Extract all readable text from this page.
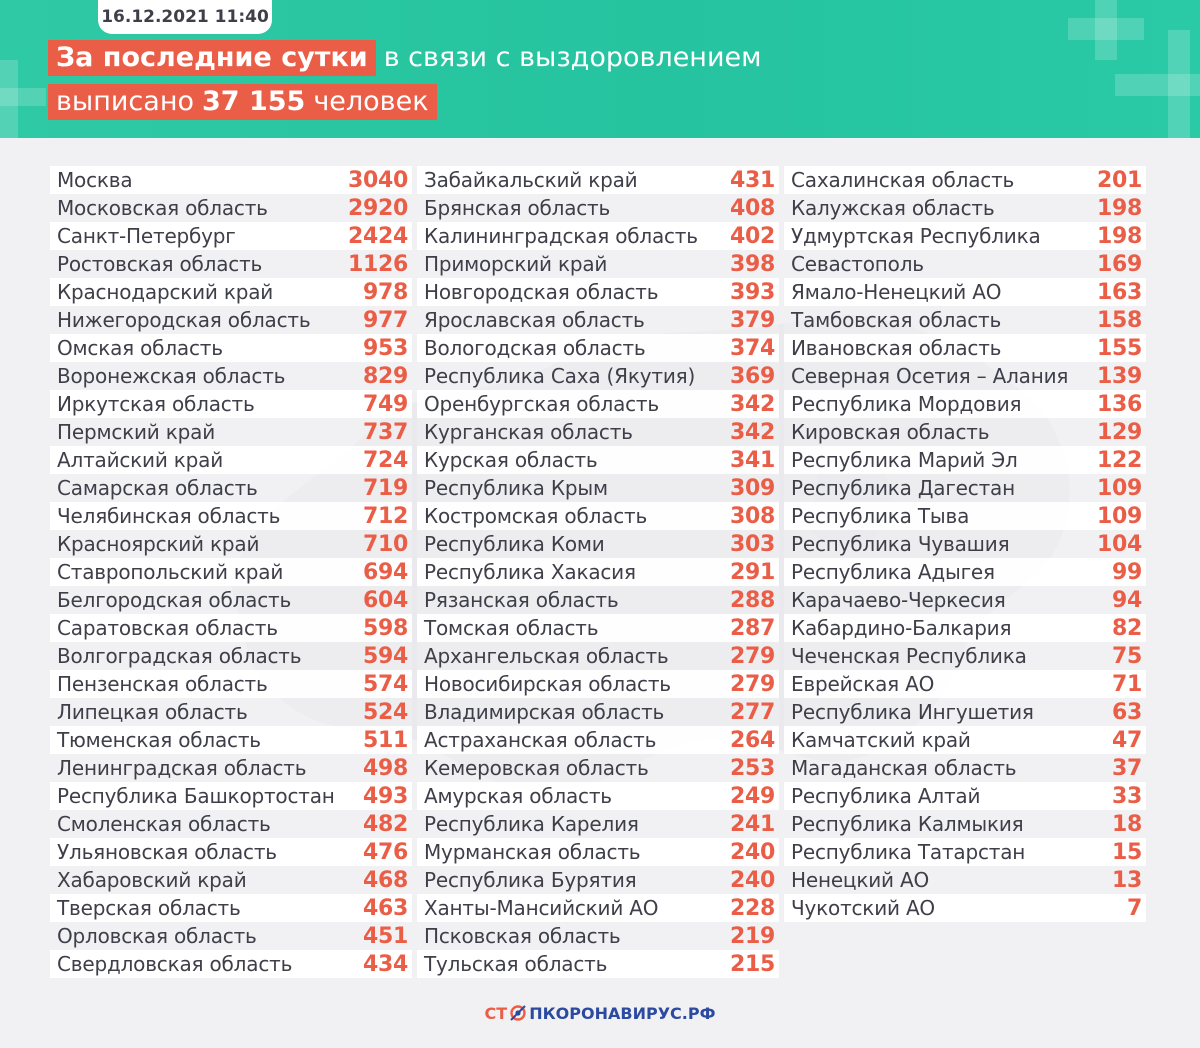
16.12.2021 11:40
За последние сутки в связи с выздоровлением
выписано 37 155 человек
Москва	3040
Московская область	2920
Санкт-Петербург	2424
Ростовская область	1126
Краснодарский край	978
Нижегородская область 977
Омская область	953
Воронежская область	829
Иркутская область	749
Пермский край	737
Алтайский край	724
Самарская область	719
Челябинская область	712
Красноярский край	710
Ставропольский край	694
Белгородская область	604
Саратовская область	598
Волгоградская область	594
Пензенская область	574
Липецкая область	524
Тюменская область	511
Ленинградская область	498
Республика Башкортостан 493
Смоленская область	482
Ульяновская область	476
Хабаровский край	468
Тверская область	463
Орловская область	451
Свердловская область	434
Забайкальский край	431
Брянская область	408
Калининградская область 402
Приморский край	398
Новгородская область	393
Ярославская область	379
Вологодская область	374
Республика Саха (Якутия) 369
Оренбургская область	342
Курганская область	342
Курская область	341
Республика Крым	309
Костромская область	308
Республика Коми	303
Республика Хакасия	291
Рязанская область	288
Томская область	287
Архангельская область	279
Новосибирская область	279
Владимирская область	277
Астраханская область	264
Кемеровская область	253
Амурская область	249
Республика Карелия	241
Мурманская область	240
Республика Бурятия	240
Ханты-Мансийский АО	228
Псковская область	219
Тульская область	215
Сахалинская область	201
Калужская область	198
Удмуртская Республика	198
Севастополь	169
Ямало-Ненецкий АО	163
Тамбовская область	158
Ивановская область	155
Северная Осетия – Алания 139
Республика Мордовия	136
Кировская область	129
Республика Марий Эл	122
Республика Дагестан	109
Республика Тыва	109
Республика Чувашия	104
Республика Адыгея	99
Карачаево-Черкесия	94
Кабардино-Балкария	82
Чеченская Республика	75
Еврейская АО	71
Республика Ингушетия	63
Камчатский край	47
Магаданская область	37
Республика Алтай	33
Республика Калмыкия	18
Республика Татарстан	15
Ненецкий АО	13
Чукотский АО	7
СТ ПКОРОНАВИРУС.РФ
